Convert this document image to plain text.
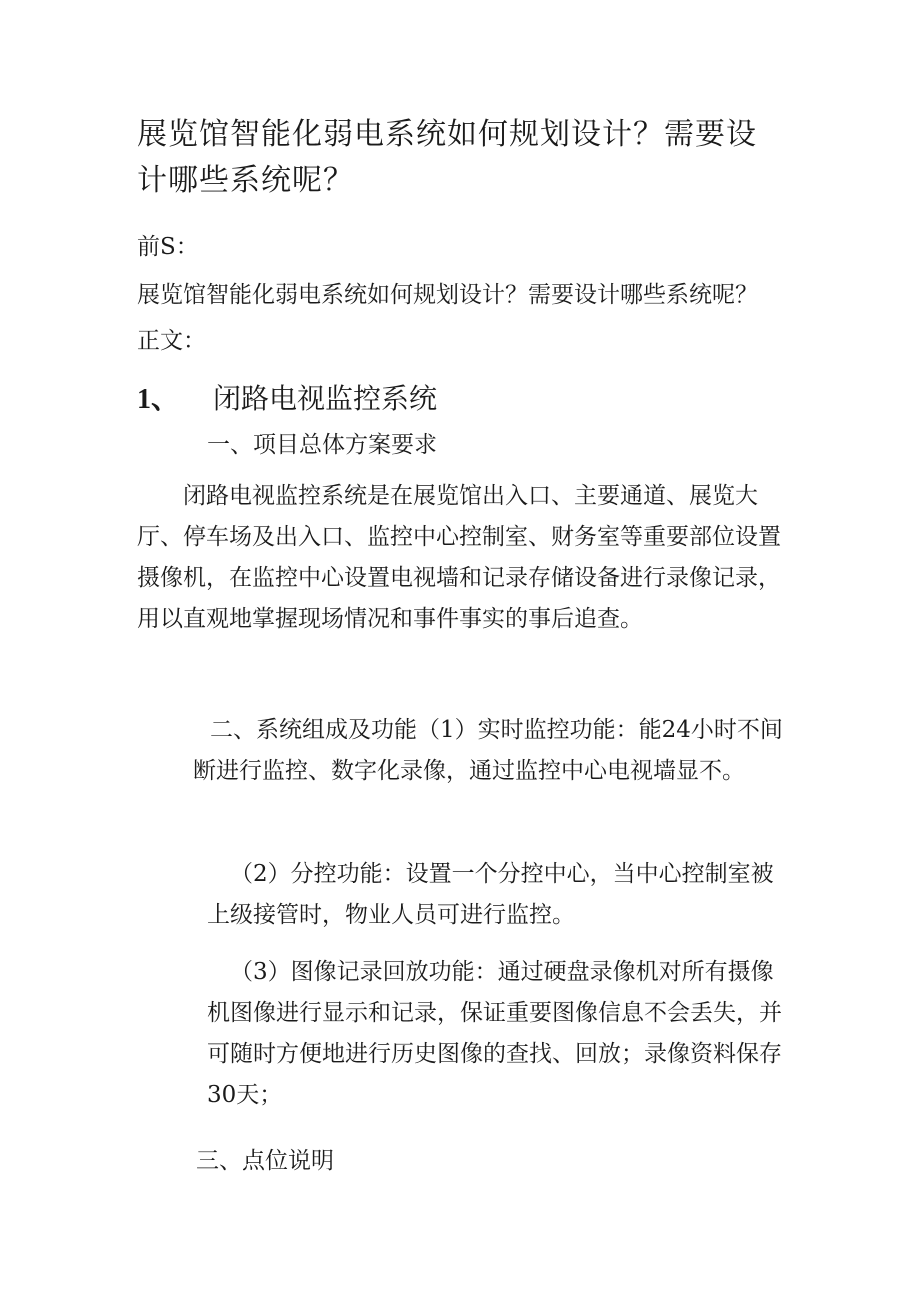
展览馆智能化弱电系统如何规划设计？需要设计哪些系统呢？

前S：

展览馆智能化弱电系统如何规划设计？需要设计哪些系统呢？

正文：

1、 闭路电视监控系统

一、项目总体方案要求

闭路电视监控系统是在展览馆出入口、主要通道、展览大厅、停车场及出入口、监控中心控制室、财务室等重要部位设置摄像机，在监控中心设置电视墙和记录存储设备进行录像记录，用以直观地掌握现场情况和事件事实的事后追查。

二、系统组成及功能（1）实时监控功能：能24小时不间断进行监控、数字化录像，通过监控中心电视墙显不。

（2）分控功能：设置一个分控中心，当中心控制室被上级接管时，物业人员可进行监控。

（3）图像记录回放功能：通过硬盘录像机对所有摄像机图像进行显示和记录，保证重要图像信息不会丢失，并可随时方便地进行历史图像的查找、回放；录像资料保存30天；

三、点位说明
